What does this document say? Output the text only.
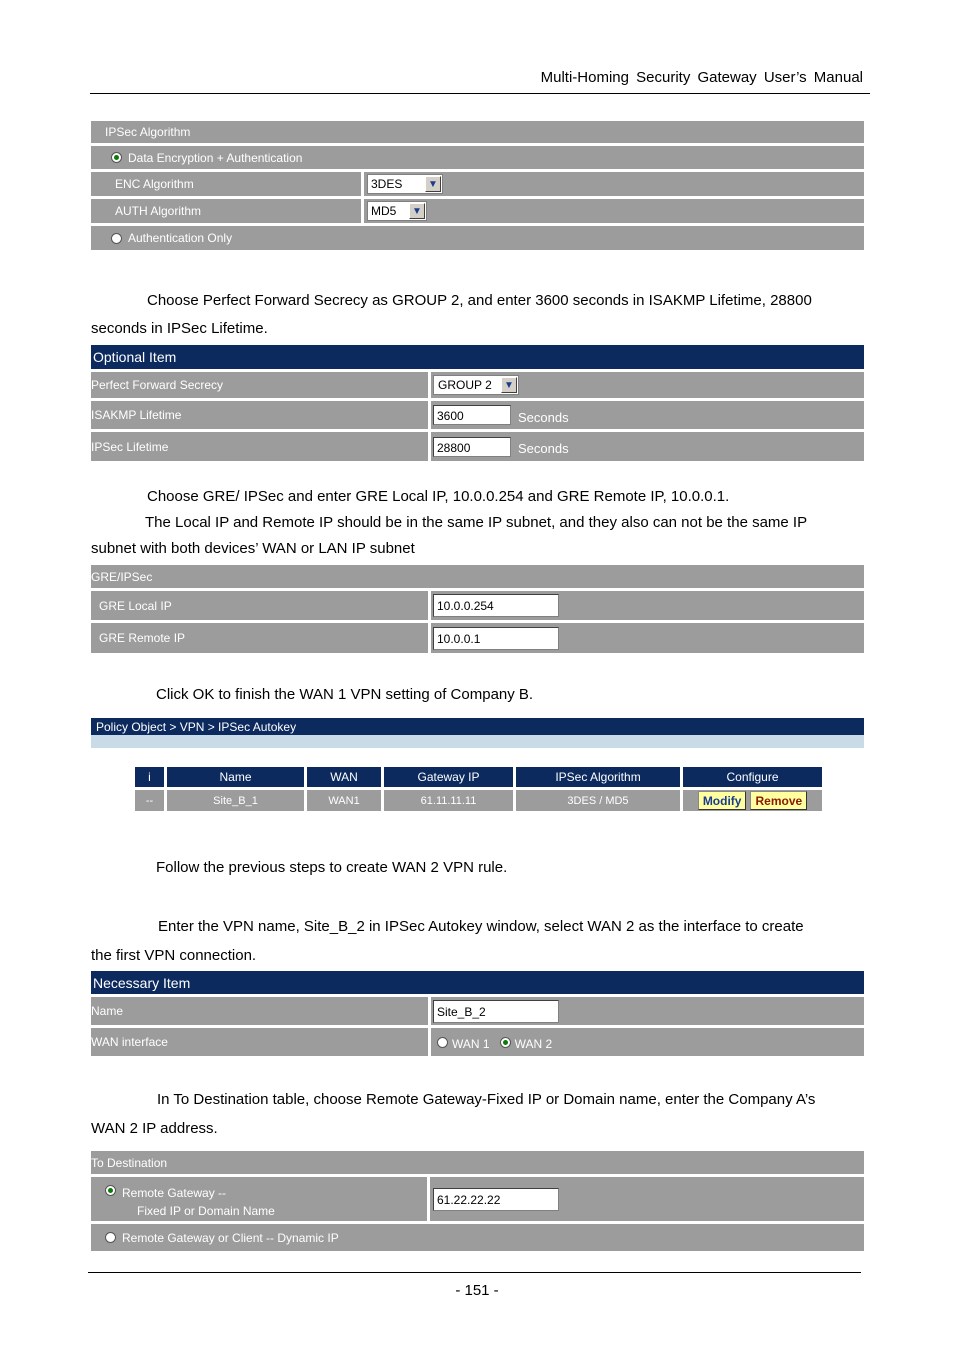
Multi-Homing Security Gateway User’s Manual
IPSec Algorithm
Data Encryption + Authentication
ENC Algorithm	3DES	▼
AUTH Algorithm	MD5	▼
Authentication Only
Choose Perfect Forward Secrecy as GROUP 2, and enter 3600 seconds in ISAKMP Lifetime, 28800
seconds in IPSec Lifetime.
Optional Item
Perfect Forward Secrecy	GROUP 2	▼
ISAKMP Lifetime	3600	Seconds
IPSec Lifetime	28800	Seconds
Choose GRE/ IPSec and enter GRE Local IP, 10.0.0.254 and GRE Remote IP, 10.0.0.1.
The Local IP and Remote IP should be in the same IP subnet, and they also can not be the same IP
subnet with both devices’ WAN or LAN IP subnet
GRE/IPSec
GRE Local IP	10.0.0.254
GRE Remote IP	10.0.0.1
Click OK to finish the WAN 1 VPN setting of Company B.
Policy Object > VPN > IPSec Autokey
i	Name	WAN	Gateway IP	IPSec Algorithm	Configure
--	Site_B_1	WAN1	61.11.11.11	3DES / MD5	Modify	Remove
Follow the previous steps to create WAN 2 VPN rule.
Enter the VPN name, Site_B_2 in IPSec Autokey window, select WAN 2 as the interface to create
the first VPN connection.
Necessary Item
Name	Site_B_2
WAN interface	WAN 1 WAN 2
In To Destination table, choose Remote Gateway-Fixed IP or Domain name, enter the Company A’s
WAN 2 IP address.
To Destination
Remote Gateway --
Fixed IP or Domain Name
61.22.22.22
Remote Gateway or Client -- Dynamic IP
- 151 -
